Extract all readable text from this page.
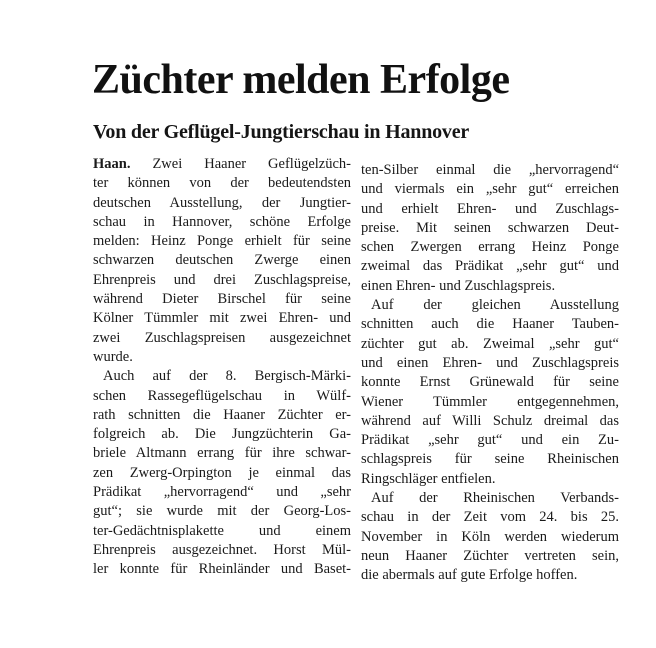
Züchter melden Erfolge
Von der Geflügel-Jungtierschau in Hannover
Haan. Zwei Haaner Geflügelzüch-
ter können von der bedeutendsten
deutschen Ausstellung, der Jungtier-
schau in Hannover, schöne Erfolge
melden: Heinz Ponge erhielt für seine
schwarzen deutschen Zwerge einen
Ehrenpreis und drei Zuschlagspreise,
während Dieter Birschel für seine
Kölner Tümmler mit zwei Ehren- und
zwei Zuschlagspreisen ausgezeichnet
wurde.
Auch auf der 8. Bergisch-Märki-
schen Rassegeflügelschau in Wülf-
rath schnitten die Haaner Züchter er-
folgreich ab. Die Jungzüchterin Ga-
briele Altmann errang für ihre schwar-
zen Zwerg-Orpington je einmal das
Prädikat „hervorragend“ und „sehr
gut“; sie wurde mit der Georg-Los-
ter-Gedächtnisplakette und einem
Ehrenpreis ausgezeichnet. Horst Mül-
ler konnte für Rheinländer und Baset-
ten-Silber einmal die „hervorragend“
und viermals ein „sehr gut“ erreichen
und erhielt Ehren- und Zuschlags-
preise. Mit seinen schwarzen Deut-
schen Zwergen errang Heinz Ponge
zweimal das Prädikat „sehr gut“ und
einen Ehren- und Zuschlagspreis.
Auf der gleichen Ausstellung
schnitten auch die Haaner Tauben-
züchter gut ab. Zweimal „sehr gut“
und einen Ehren- und Zuschlagspreis
konnte Ernst Grünewald für seine
Wiener Tümmler entgegennehmen,
während auf Willi Schulz dreimal das
Prädikat „sehr gut“ und ein Zu-
schlagspreis für seine Rheinischen
Ringschläger entfielen.
Auf der Rheinischen Verbands-
schau in der Zeit vom 24. bis 25.
November in Köln werden wiederum
neun Haaner Züchter vertreten sein,
die abermals auf gute Erfolge hoffen.
